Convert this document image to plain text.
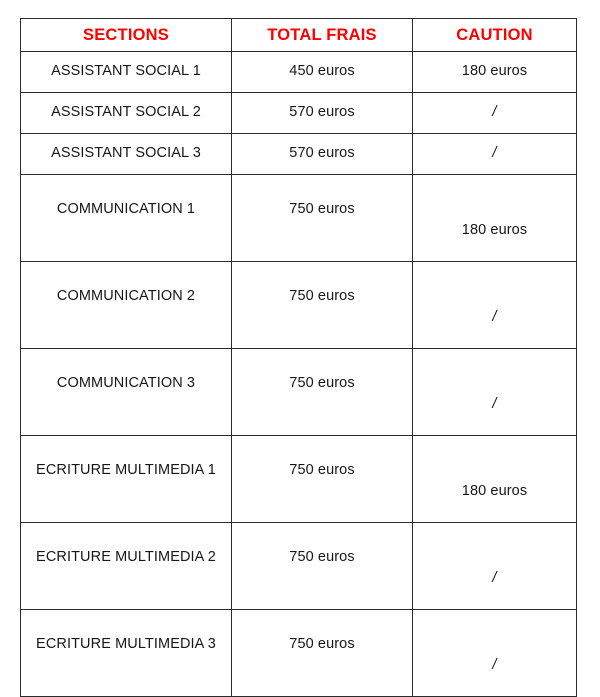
SECTIONS	TOTAL FRAIS	CAUTION

ASSISTANT SOCIAL 1	450 euros	180 euros

ASSISTANT SOCIAL 2	570 euros	/

ASSISTANT SOCIAL 3	570 euros	/

COMMUNICATION 1	750 euros	180 euros

COMMUNICATION 2	750 euros	/

COMMUNICATION 3	750 euros	/

ECRITURE MULTIMEDIA 1	750 euros	180 euros

ECRITURE MULTIMEDIA 2	750 euros	/

ECRITURE MULTIMEDIA 3	750 euros	/
